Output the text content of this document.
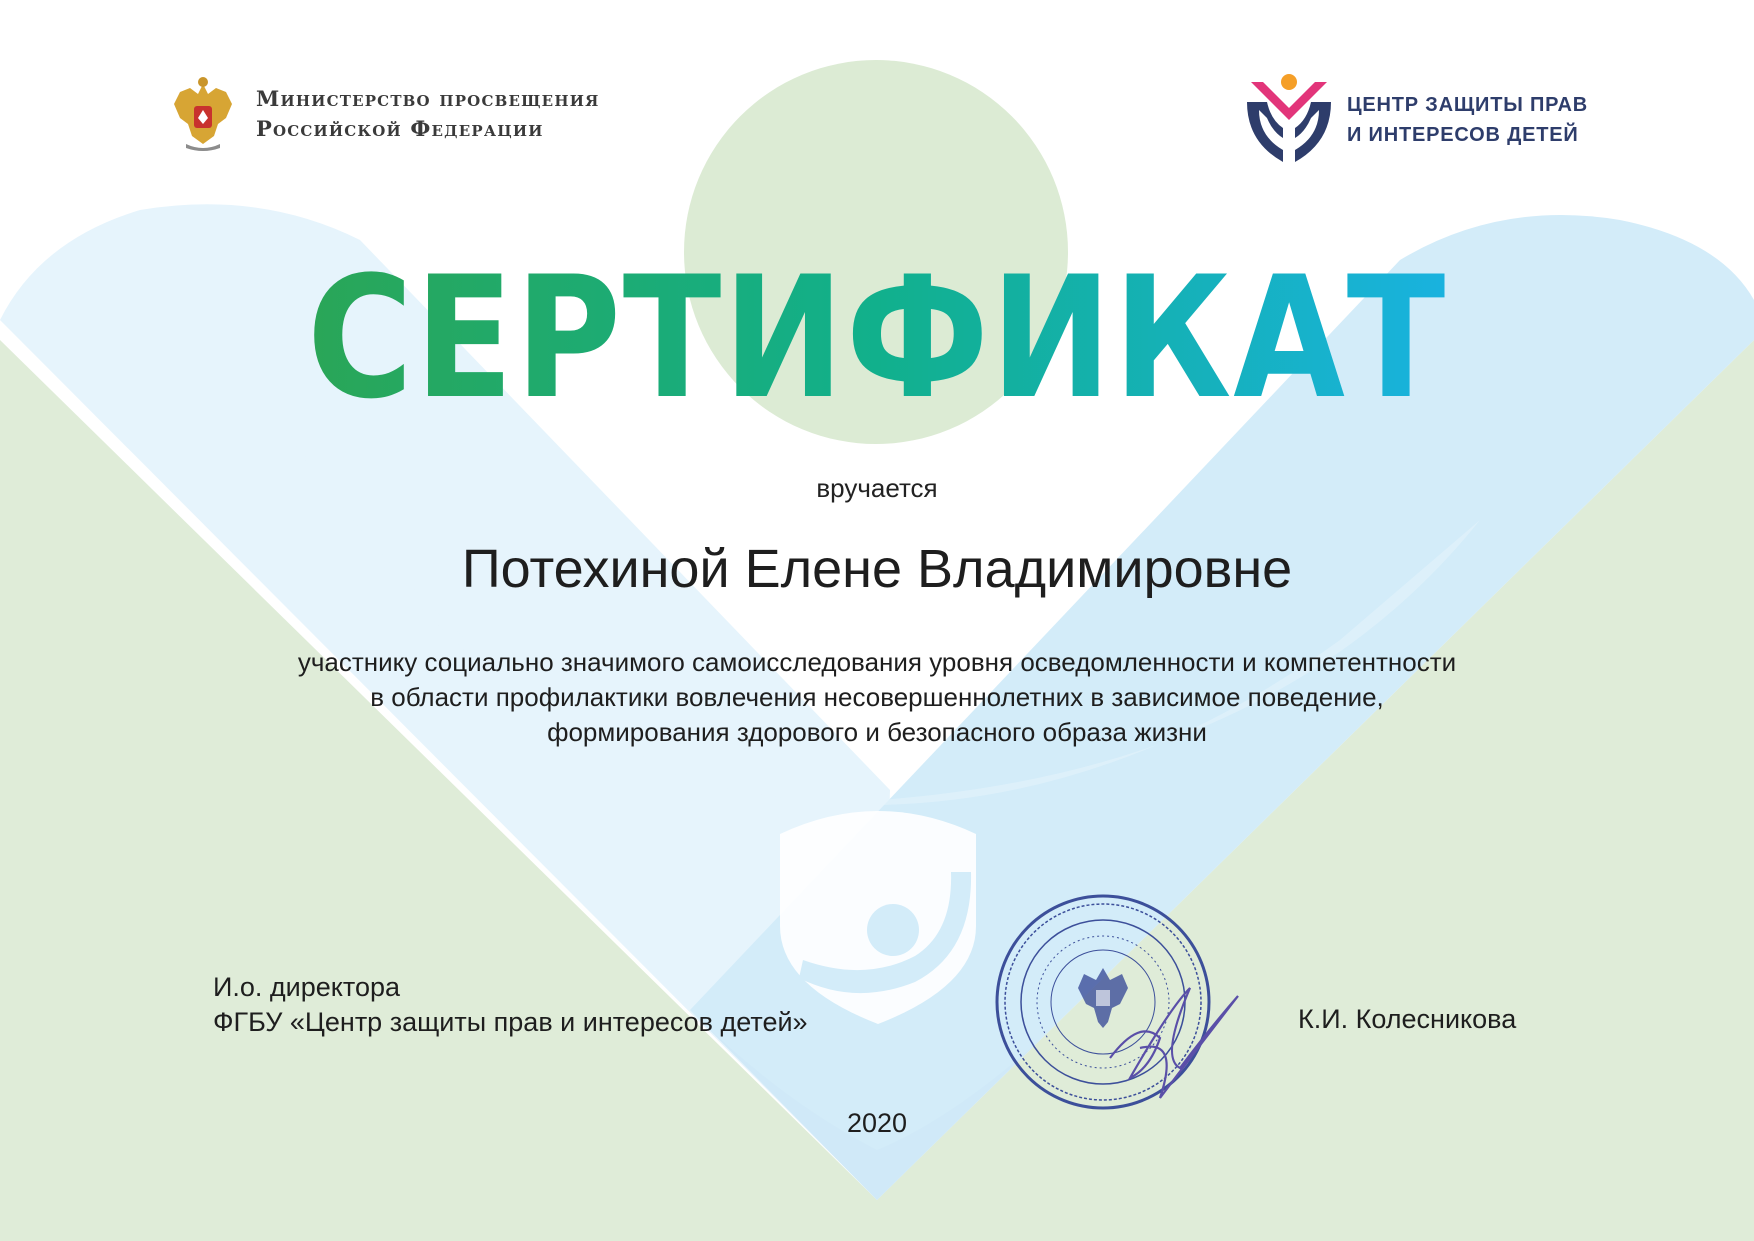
Министерство просвещения
Российской Федерации
ЦЕНТР ЗАЩИТЫ ПРАВ
И ИНТЕРЕСОВ ДЕТЕЙ
СЕРТИФИКАТ
вручается
Потехиной Елене Владимировне
участнику социально значимого самоисследования уровня осведомленности и компетентности
в области профилактики вовлечения несовершеннолетних в зависимое поведение,
формирования здорового и безопасного образа жизни
И.о. директора
ФГБУ «Центр защиты прав и интересов детей»	К.И. Колесникова
2020
